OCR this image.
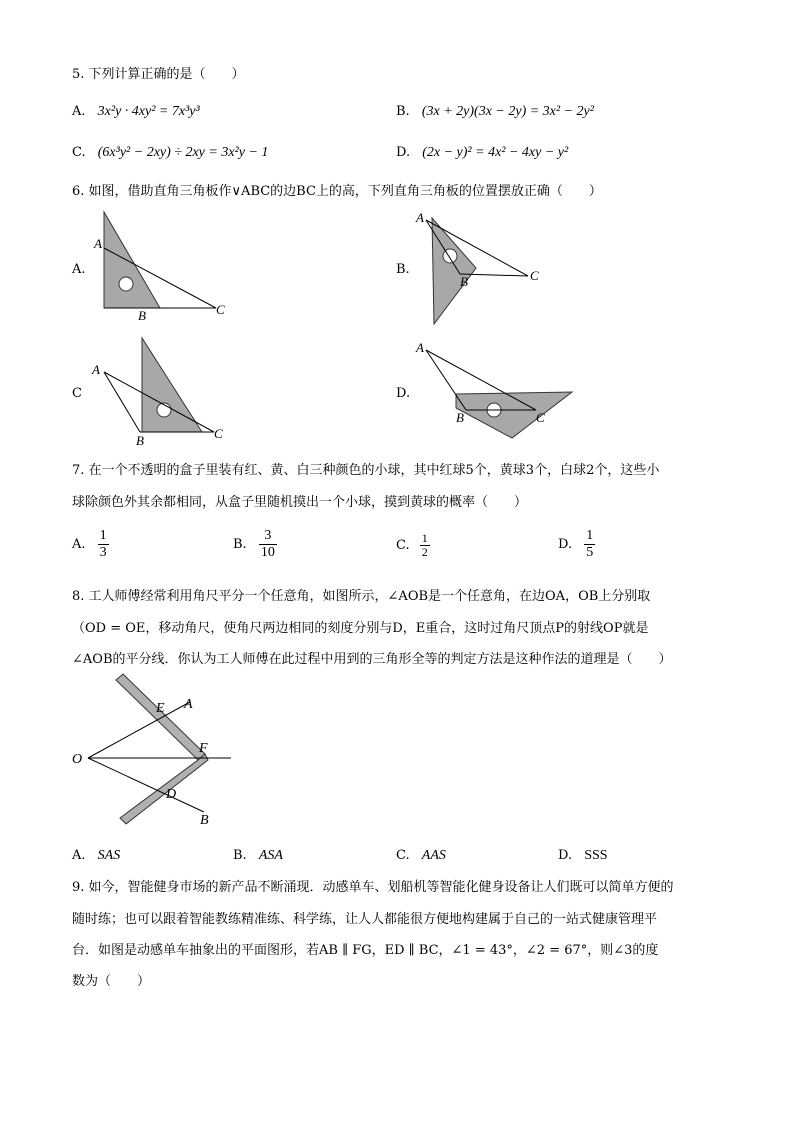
5. 下列计算正确的是（　　）
A. 3x²y · 4xy² = 7x³y³	B. (3x + 2y)(3x − 2y) = 3x² − 2y²
C. (6x³y² − 2xy) ÷ 2xy = 3x²y − 1	D. (2x − y)² = 4x² − 4xy − y²
6. 如图，借助直角三角板作∨ABC的边BC上的高，下列直角三角板的位置摆放正确（　　）
A.
A
B	C
B.
A
B	C
C
A
B	C
D.
A
B	C
7. 在一个不透明的盒子里装有红、黄、白三种颜色的小球，其中红球5个，黄球3个，白球2个，这些小
球除颜色外其余都相同，从盒子里随机摸出一个小球，摸到黄球的概率（　　）
A. $\frac{1}{3}$	B. $\frac{3}{10}$	C. $\frac{1}{2}$	D. $\frac{1}{5}$
8. 工人师傅经常利用角尺平分一个任意角，如图所示，∠AOB是一个任意角，在边OA，OB上分别取
（OD = OE，移动角尺，使角尺两边相同的刻度分别与D，E重合，这时过角尺顶点P的射线OP就是
∠AOB的平分线．你认为工人师傅在此过程中用到的三角形全等的判定方法是这种作法的道理是（　　）
O
E A
F
D
B
A. SAS	B. ASA	C. AAS	D. SSS
9. 如今，智能健身市场的新产品不断涌现．动感单车、划船机等智能化健身设备让人们既可以简单方便的
随时练；也可以跟着智能教练精准练、科学练，让人人都能很方便地构建属于自己的一站式健康管理平
台．如图是动感单车抽象出的平面图形，若AB ∥ FG，ED ∥ BC，∠1 = 43°，∠2 = 67°，则∠3的度
数为（　　）
